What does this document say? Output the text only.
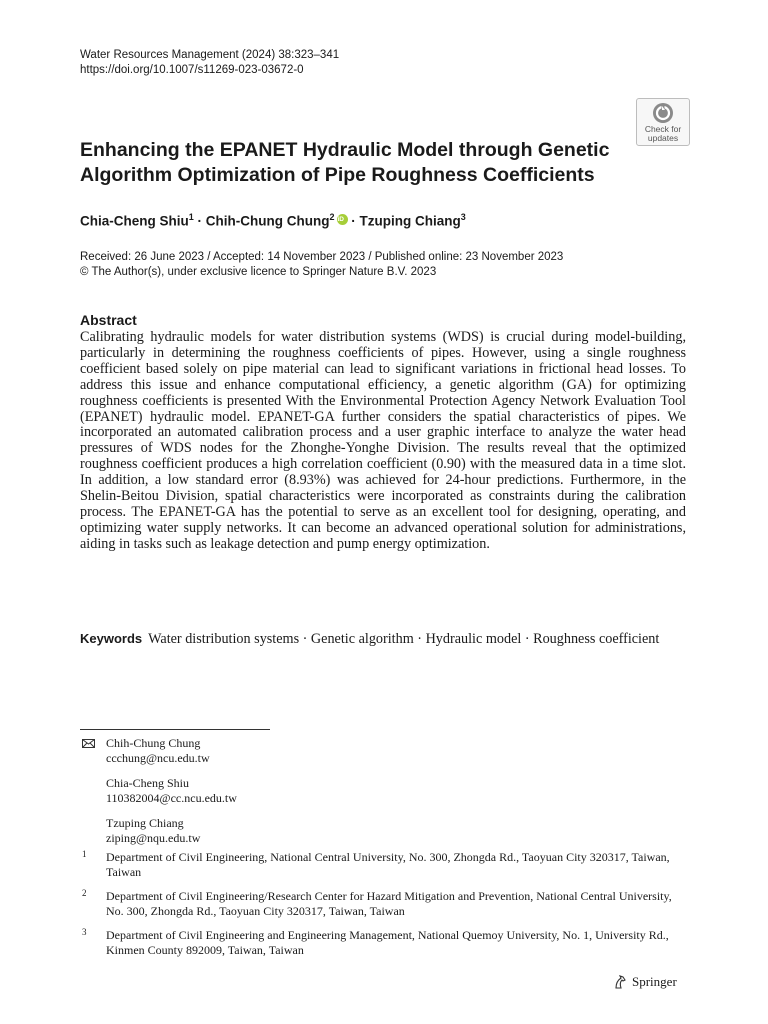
Water Resources Management (2024) 38:323–341
https://doi.org/10.1007/s11269-023-03672-0
Check for
updates
Enhancing the EPANET Hydraulic Model through Genetic Algorithm Optimization of Pipe Roughness Coefficients
Chia-Cheng Shiu$^1$ · Chih-Chung Chung$^2$iD · Tzuping Chiang$^3$
Received: 26 June 2023 / Accepted: 14 November 2023 / Published online: 23 November 2023
© The Author(s), under exclusive licence to Springer Nature B.V. 2023
Abstract

Calibrating hydraulic models for water distribution systems (WDS) is crucial during model-building, particularly in determining the roughness coefficients of pipes. However, using a single roughness coefficient based solely on pipe material can lead to significant variations in frictional head losses. To address this issue and enhance computational efficiency, a genetic algorithm (GA) for optimizing roughness coefficients is presented With the Environmental Protection Agency Network Evaluation Tool (EPANET) hydraulic model. EPANET-GA further considers the spatial characteristics of pipes. We incorporated an automated calibration process and a user graphic interface to analyze the water head pressures of WDS nodes for the Zhonghe-Yonghe Division. The results reveal that the optimized roughness coefficient produces a high correlation coefficient (0.90) with the measured data in a time slot. In addition, a low standard error (8.93%) was achieved for 24-hour predictions. Furthermore, in the Shelin-Beitou Division, spatial characteristics were incorporated as constraints during the calibration process. The EPANET-GA has the potential to serve as an excellent tool for designing, operating, and optimizing water supply networks. It can become an advanced operational solution for administrations, aiding in tasks such as leakage detection and pump energy optimization.

Keywords Water distribution systems · Genetic algorithm · Hydraulic model · Roughness coefficient
Chih-Chung Chung
ccchung@ncu.edu.tw
Chia-Cheng Shiu
110382004@cc.ncu.edu.tw
Tzuping Chiang
ziping@nqu.edu.tw
1 Department of Civil Engineering, National Central University, No. 300, Zhongda Rd., Taoyuan City 320317, Taiwan, Taiwan
2 Department of Civil Engineering/Research Center for Hazard Mitigation and Prevention, National Central University, No. 300, Zhongda Rd., Taoyuan City 320317, Taiwan, Taiwan
3 Department of Civil Engineering and Engineering Management, National Quemoy University, No. 1, University Rd., Kinmen County 892009, Taiwan, Taiwan
Springer
